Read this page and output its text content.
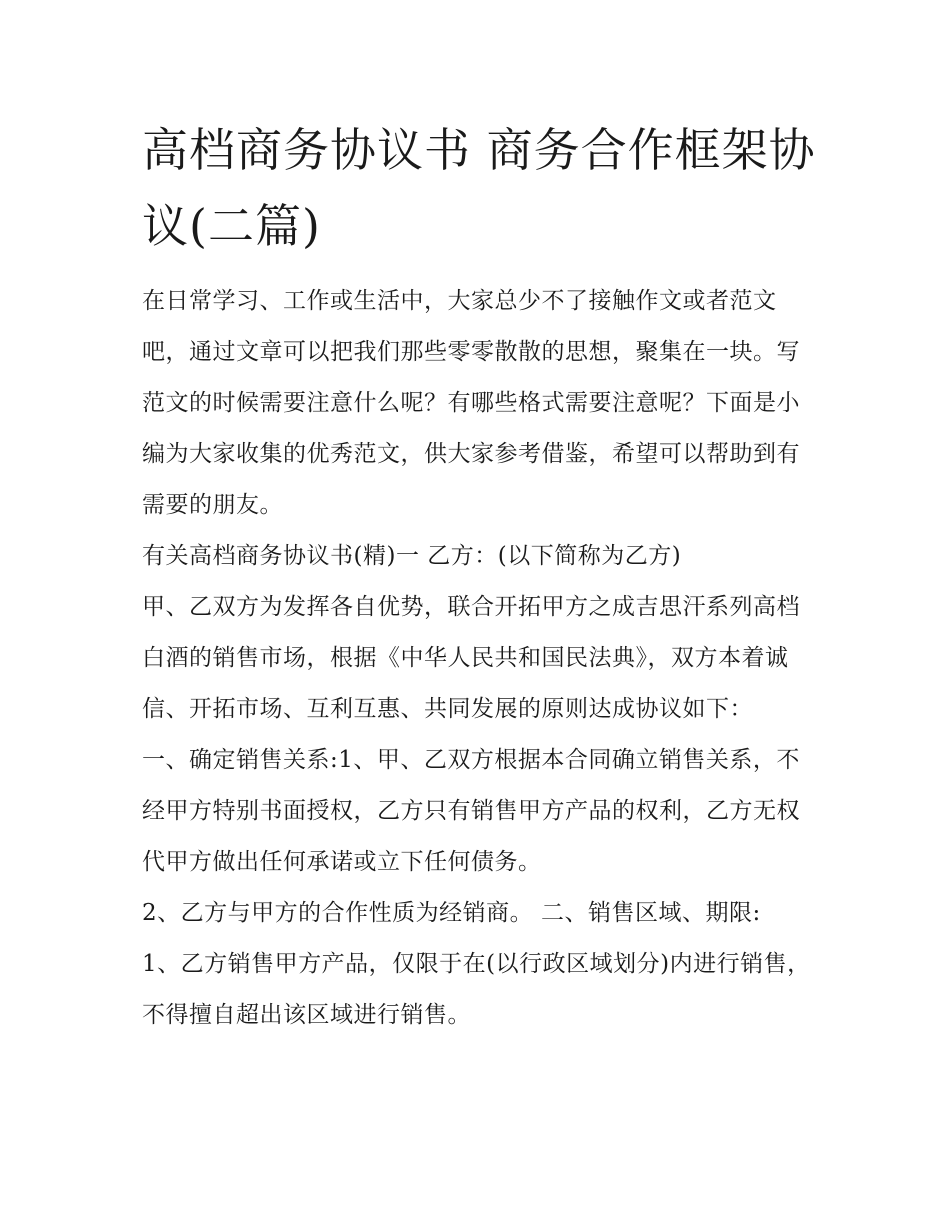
高档商务协议书 商务合作框架协议(二篇)

在日常学习、工作或生活中，大家总少不了接触作文或者范文吧，通过文章可以把我们那些零零散散的思想，聚集在一块。写范文的时候需要注意什么呢？有哪些格式需要注意呢？下面是小编为大家收集的优秀范文，供大家参考借鉴，希望可以帮助到有需要的朋友。

有关高档商务协议书(精)一 乙方：(以下简称为乙方)

甲、乙双方为发挥各自优势，联合开拓甲方之成吉思汗系列高档白酒的销售市场，根据《中华人民共和国民法典》，双方本着诚信、开拓市场、互利互惠、共同发展的原则达成协议如下：

一、确定销售关系:1、甲、乙双方根据本合同确立销售关系，不经甲方特别书面授权，乙方只有销售甲方产品的权利，乙方无权代甲方做出任何承诺或立下任何债务。

2、乙方与甲方的合作性质为经销商。 二、销售区域、期限:

1、乙方销售甲方产品，仅限于在(以行政区域划分)内进行销售，不得擅自超出该区域进行销售。
